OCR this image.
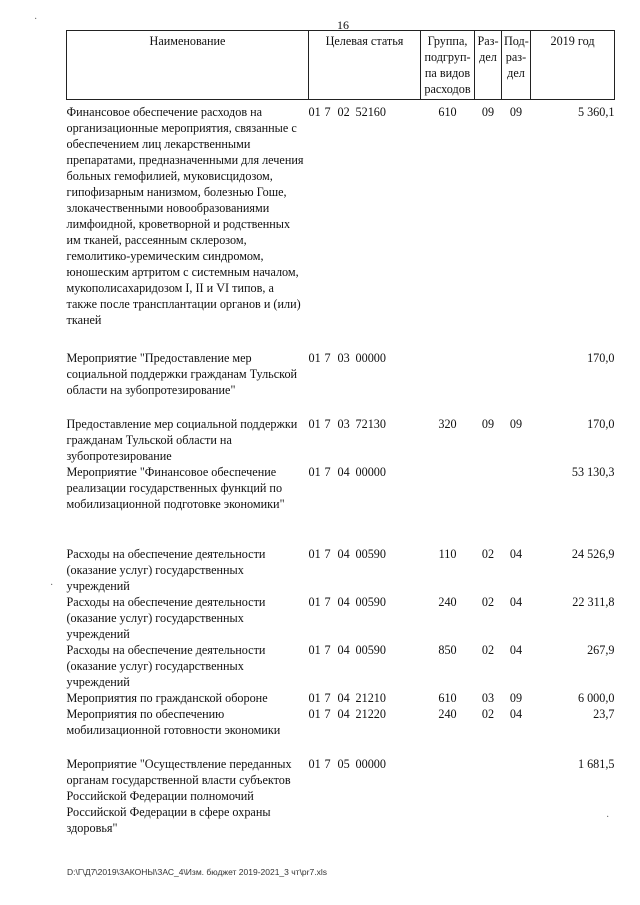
16
Наименование	Целевая статья	Группа, подгруп-па видов расходов	Раз-дел	Под-раз-дел	2019 год
Финансовое обеспечение расходов на организационные мероприятия, связанные с обеспечением лиц лекарственными препаратами, предназначенными для лечения больных гемофилией, муковисцидозом, гипофизарным нанизмом, болезнью Гоше, злокачественными новообразованиями лимфоидной, кроветворной и родственных им тканей, рассеянным склерозом, гемолитико-уремическим синдромом, юношеским артритом с системным началом, мукополисахаридозом I, II и VI типов, а также после трансплантации органов и (или) тканей	01 7 02 52160	610	09	09	5 360,1
Мероприятие "Предоставление мер социальной поддержки гражданам Тульской области на зубопротезирование"	01 7 03 00000				170,0
Предоставление мер социальной поддержки гражданам Тульской области на зубопротезирование	01 7 03 72130	320	09	09	170,0
Мероприятие "Финансовое обеспечение реализации государственных функций по мобилизационной подготовке экономики"	01 7 04 00000				53 130,3
Расходы на обеспечение деятельности (оказание услуг) государственных учреждений	01 7 04 00590	110	02	04	24 526,9
Расходы на обеспечение деятельности (оказание услуг) государственных учреждений	01 7 04 00590	240	02	04	22 311,8
Расходы на обеспечение деятельности (оказание услуг) государственных учреждений	01 7 04 00590	850	02	04	267,9
Мероприятия по гражданской обороне	01 7 04 21210	610	03	09	6 000,0
Мероприятия по обеспечению мобилизационной готовности экономики	01 7 04 21220	240	02	04	23,7
Мероприятие "Осуществление переданных органам государственной власти субъектов Российской Федерации полномочий Российской Федерации в сфере охраны здоровья"	01 7 05 00000				1 681,5
·
·
·
D:\Г\Д7\2019\ЗАКОНЫ\ЗАС_4\Изм. бюджет 2019-2021_3 чт\pr7.xls
